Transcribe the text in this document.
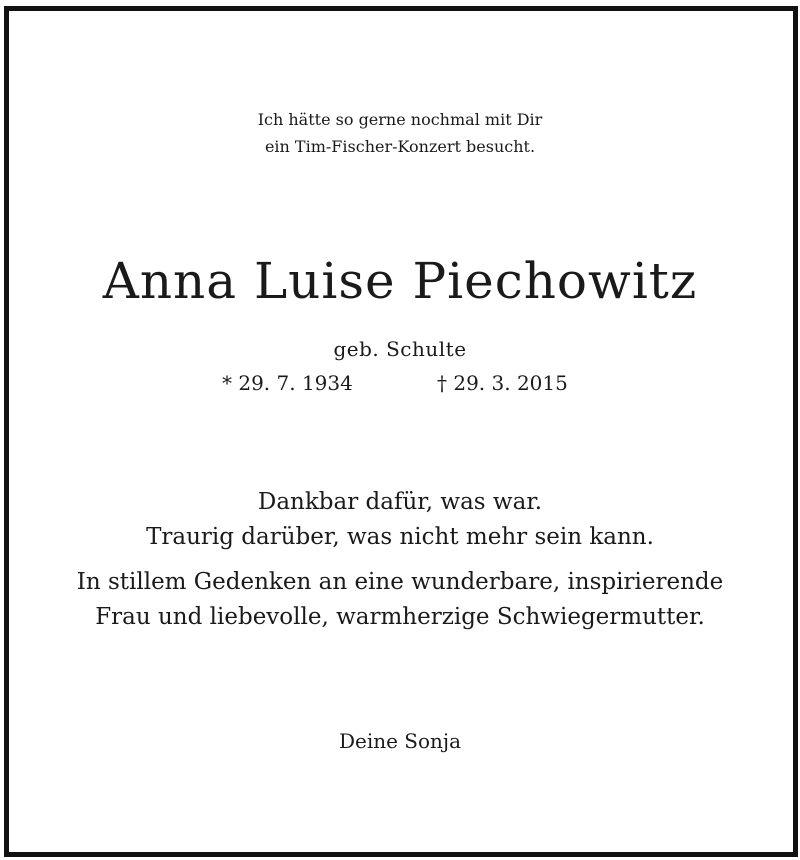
Ich hätte so gerne nochmal mit Dir
ein Tim-Fischer-Konzert besucht.
Anna Luise Piechowitz
geb. Schulte
* 29. 7. 1934	† 29. 3. 2015
Dankbar dafür, was war.
Traurig darüber, was nicht mehr sein kann.
In stillem Gedenken an eine wunderbare, inspirierende
Frau und liebevolle, warmherzige Schwiegermutter.
Deine Sonja
